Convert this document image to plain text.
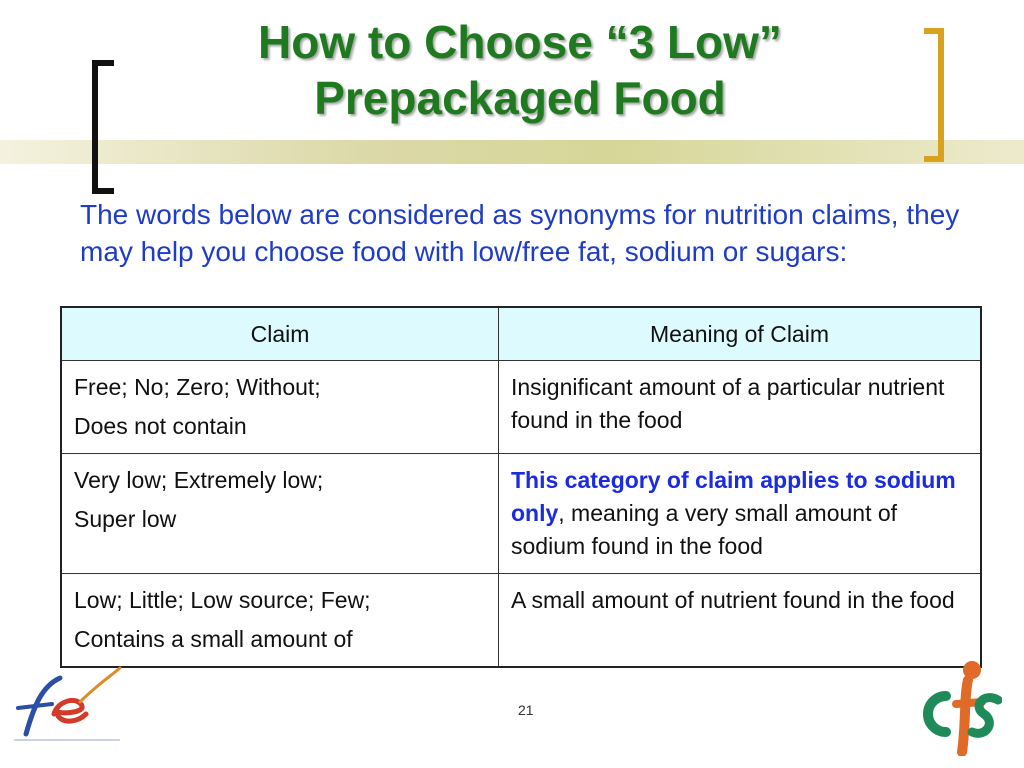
How to Choose “3 Low”
Prepackaged Food

The words below are considered as synonyms for nutrition claims, they may help you choose food with low/free fat, sodium or sugars:

Claim	Meaning of Claim

Free; No; Zero; Without;
Does not contain	Insignificant amount of a particular nutrient found in the food

Very low; Extremely low;
Super low	This category of claim applies to sodium only, meaning a very small amount of sodium found in the food

Low; Little; Low source; Few;
Contains a small amount of	A small amount of nutrient found in the food
21
